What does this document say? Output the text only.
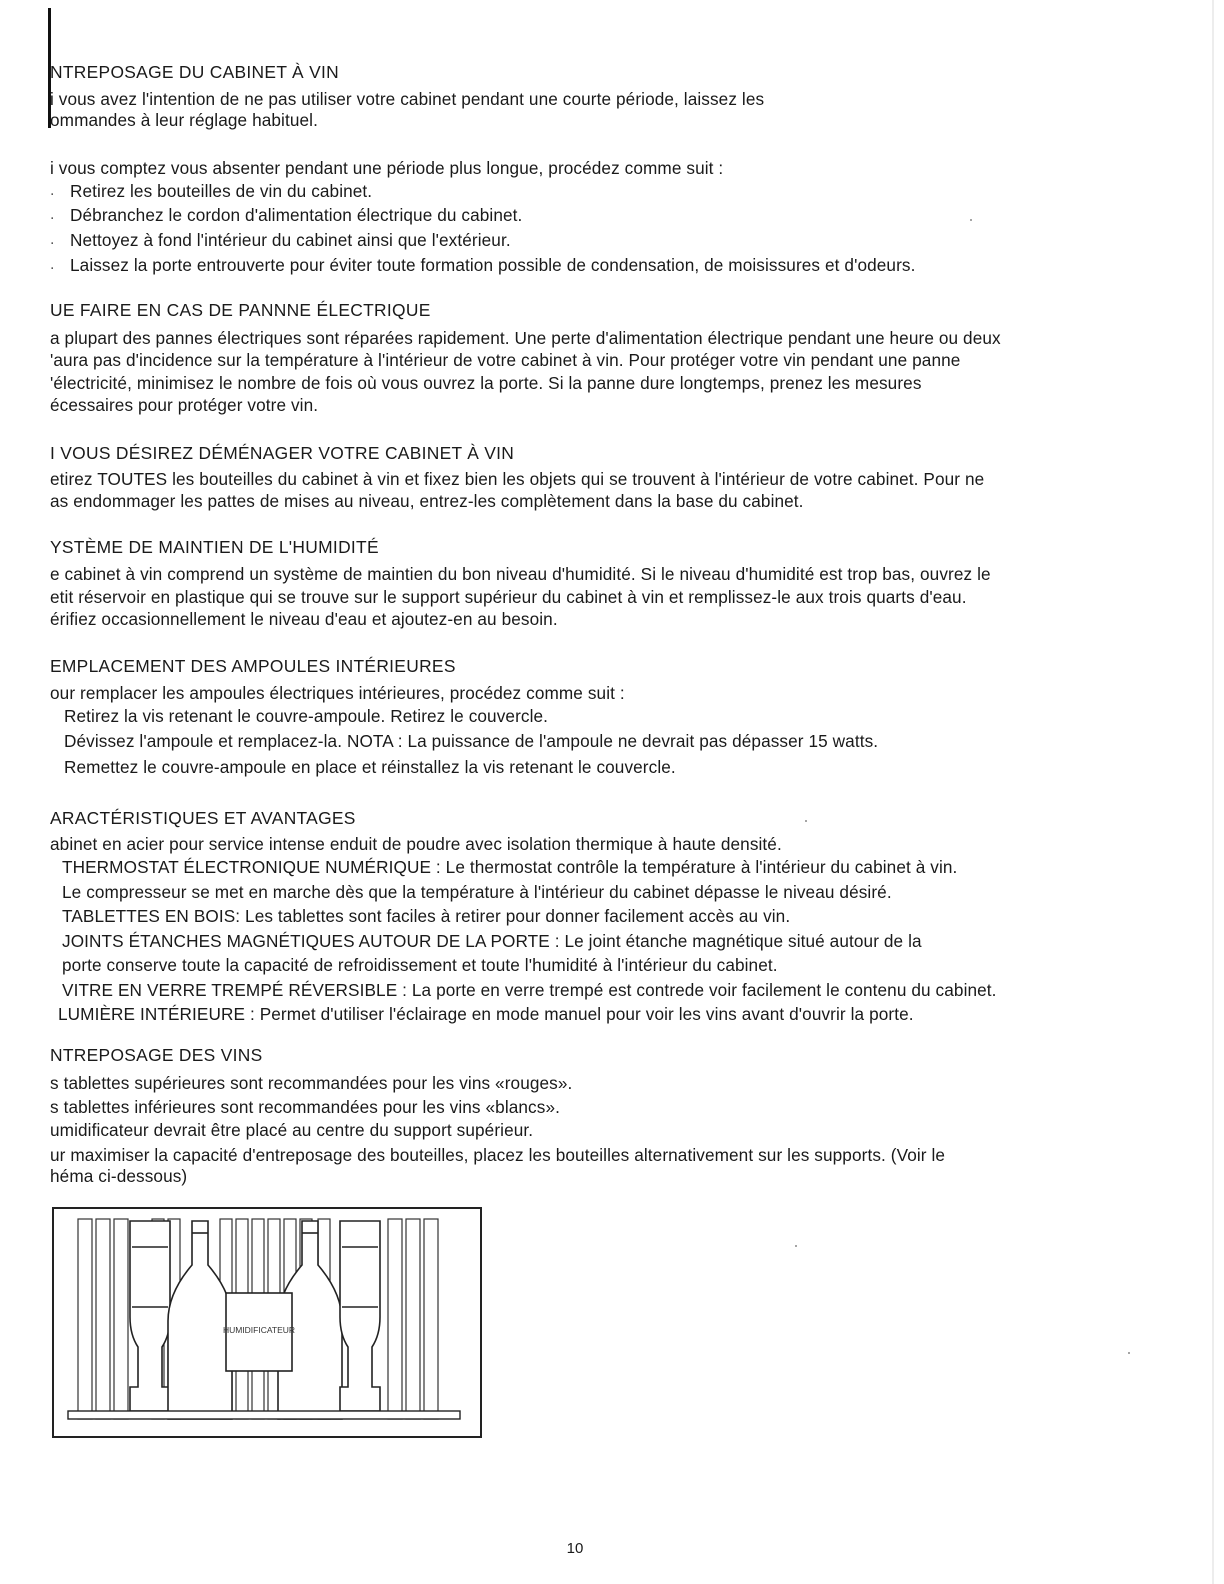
NTREPOSAGE DU CABINET À VIN
i vous avez l'intention de ne pas utiliser votre cabinet pendant une courte période, laissez les
ommandes à leur réglage habituel.
i vous comptez vous absenter pendant une période plus longue, procédez comme suit :
. Retirez les bouteilles de vin du cabinet.
. Débranchez le cordon d'alimentation électrique du cabinet.
. Nettoyez à fond l'intérieur du cabinet ainsi que l'extérieur.
. Laissez la porte entrouverte pour éviter toute formation possible de condensation, de moisissures et d'odeurs.
UE FAIRE EN CAS DE PANNNE ÉLECTRIQUE
a plupart des pannes électriques sont réparées rapidement. Une perte d'alimentation électrique pendant une heure ou deux
'aura pas d'incidence sur la température à l'intérieur de votre cabinet à vin. Pour protéger votre vin pendant une panne
'électricité, minimisez le nombre de fois où vous ouvrez la porte. Si la panne dure longtemps, prenez les mesures
écessaires pour protéger votre vin.
I VOUS DÉSIREZ DÉMÉNAGER VOTRE CABINET À VIN
etirez TOUTES les bouteilles du cabinet à vin et fixez bien les objets qui se trouvent à l'intérieur de votre cabinet. Pour ne
as endommager les pattes de mises au niveau, entrez-les complètement dans la base du cabinet.
YSTÈME DE MAINTIEN DE L'HUMIDITÉ
e cabinet à vin comprend un système de maintien du bon niveau d'humidité. Si le niveau d'humidité est trop bas, ouvrez le
etit réservoir en plastique qui se trouve sur le support supérieur du cabinet à vin et remplissez-le aux trois quarts d'eau.
érifiez occasionnellement le niveau d'eau et ajoutez-en au besoin.
EMPLACEMENT DES AMPOULES INTÉRIEURES
our remplacer les ampoules électriques intérieures, procédez comme suit :
Retirez la vis retenant le couvre-ampoule. Retirez le couvercle.
Dévissez l'ampoule et remplacez-la. NOTA : La puissance de l'ampoule ne devrait pas dépasser 15 watts.
Remettez le couvre-ampoule en place et réinstallez la vis retenant le couvercle.
ARACTÉRISTIQUES ET AVANTAGES
abinet en acier pour service intense enduit de poudre avec isolation thermique à haute densité.
THERMOSTAT ÉLECTRONIQUE NUMÉRIQUE : Le thermostat contrôle la température à l'intérieur du cabinet à vin.
Le compresseur se met en marche dès que la température à l'intérieur du cabinet dépasse le niveau désiré.
TABLETTES EN BOIS: Les tablettes sont faciles à retirer pour donner facilement accès au vin.
JOINTS ÉTANCHES MAGNÉTIQUES AUTOUR DE LA PORTE : Le joint étanche magnétique situé autour de la
porte conserve toute la capacité de refroidissement et toute l'humidité à l'intérieur du cabinet.
VITRE EN VERRE TREMPÉ RÉVERSIBLE : La porte en verre trempé est contrede voir facilement le contenu du cabinet.
LUMIÈRE INTÉRIEURE : Permet d'utiliser l'éclairage en mode manuel pour voir les vins avant d'ouvrir la porte.
NTREPOSAGE DES VINS
s tablettes supérieures sont recommandées pour les vins «rouges».
s tablettes inférieures sont recommandées pour les vins «blancs».
umidificateur devrait être placé au centre du support supérieur.
ur maximiser la capacité d'entreposage des bouteilles, placez les bouteilles alternativement sur les supports. (Voir le
héma ci-dessous)
HUMIDIFICATEUR
10
